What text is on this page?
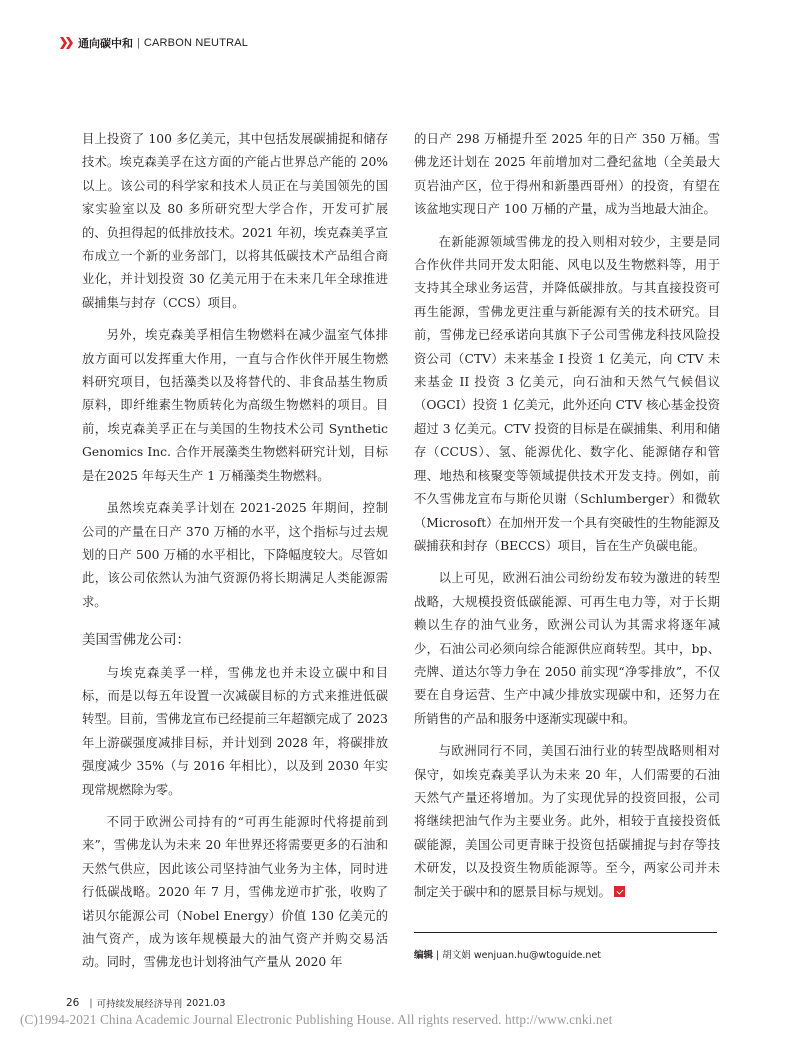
通向碳中和 | CARBON NEUTRAL

目上投资了 100 多亿美元，其中包括发展碳捕捉和储存技术。埃克森美孚在这方面的产能占世界总产能的 20% 以上。该公司的科学家和技术人员正在与美国领先的国家实验室以及 80 多所研究型大学合作，开发可扩展的、负担得起的低排放技术。2021 年初，埃克森美孚宣布成立一个新的业务部门，以将其低碳技术产品组合商业化，并计划投资 30 亿美元用于在未来几年全球推进碳捕集与封存（CCS）项目。

另外，埃克森美孚相信生物燃料在减少温室气体排放方面可以发挥重大作用，一直与合作伙伴开展生物燃料研究项目，包括藻类以及将替代的、非食品基生物质原料，即纤维素生物质转化为高级生物燃料的项目。目前，埃克森美孚正在与美国的生物技术公司 Synthetic Genomics Inc. 合作开展藻类生物燃料研究计划，目标是在2025 年每天生产 1 万桶藻类生物燃料。

虽然埃克森美孚计划在 2021-2025 年期间，控制公司的产量在日产 370 万桶的水平，这个指标与过去规划的日产 500 万桶的水平相比，下降幅度较大。尽管如此，该公司依然认为油气资源仍将长期满足人类能源需求。

美国雪佛龙公司：

与埃克森美孚一样，雪佛龙也并未设立碳中和目标，而是以每五年设置一次减碳目标的方式来推进低碳转型。目前，雪佛龙宣布已经提前三年超额完成了 2023 年上游碳强度减排目标，并计划到 2028 年，将碳排放强度减少 35%（与 2016 年相比），以及到 2030 年实现常规燃除为零。

不同于欧洲公司持有的“可再生能源时代将提前到来”，雪佛龙认为未来 20 年世界还将需要更多的石油和天然气供应，因此该公司坚持油气业务为主体，同时进行低碳战略。2020 年 7 月，雪佛龙逆市扩张，收购了诺贝尔能源公司（Nobel Energy）价值 130 亿美元的油气资产，成为该年规模最大的油气资产并购交易活动。同时，雪佛龙也计划将油气产量从 2020 年

的日产 298 万桶提升至 2025 年的日产 350 万桶。雪佛龙还计划在 2025 年前增加对二叠纪盆地（全美最大页岩油产区，位于得州和新墨西哥州）的投资，有望在该盆地实现日产 100 万桶的产量，成为当地最大油企。

在新能源领域雪佛龙的投入则相对较少，主要是同合作伙伴共同开发太阳能、风电以及生物燃料等，用于支持其全球业务运营，并降低碳排放。与其直接投资可再生能源，雪佛龙更注重与新能源有关的技术研究。目前，雪佛龙已经承诺向其旗下子公司雪佛龙科技风险投资公司（CTV）未来基金 I 投资 1 亿美元，向 CTV 未来基金 II 投资 3 亿美元，向石油和天然气气候倡议（OGCI）投资 1 亿美元，此外还向 CTV 核心基金投资超过 3 亿美元。CTV 投资的目标是在碳捕集、利用和储存（CCUS）、氢、能源优化、数字化、能源储存和管理、地热和核聚变等领域提供技术开发支持。例如，前不久雪佛龙宣布与斯伦贝谢（Schlumberger）和微软（Microsoft）在加州开发一个具有突破性的生物能源及碳捕获和封存（BECCS）项目，旨在生产负碳电能。

以上可见，欧洲石油公司纷纷发布较为激进的转型战略，大规模投资低碳能源、可再生电力等，对于长期赖以生存的油气业务，欧洲公司认为其需求将逐年减少，石油公司必须向综合能源供应商转型。其中，bp、壳牌、道达尔等力争在 2050 前实现“净零排放”，不仅要在自身运营、生产中减少排放实现碳中和，还努力在所销售的产品和服务中逐渐实现碳中和。

与欧洲同行不同，美国石油行业的转型战略则相对保守，如埃克森美孚认为未来 20 年，人们需要的石油天然气产量还将增加。为了实现优异的投资回报，公司将继续把油气作为主要业务。此外，相较于直接投资低碳能源，美国公司更青睐于投资包括碳捕捉与封存等技术研发，以及投资生物质能源等。至今，两家公司并未制定关于碳中和的愿景目标与规划。

编辑 | 胡文娟 wenjuan.hu@wtoguide.net
26 | 可持续发展经济导刊 2021.03
(C)1994-2021 China Academic Journal Electronic Publishing House. All rights reserved. http://www.cnki.net
